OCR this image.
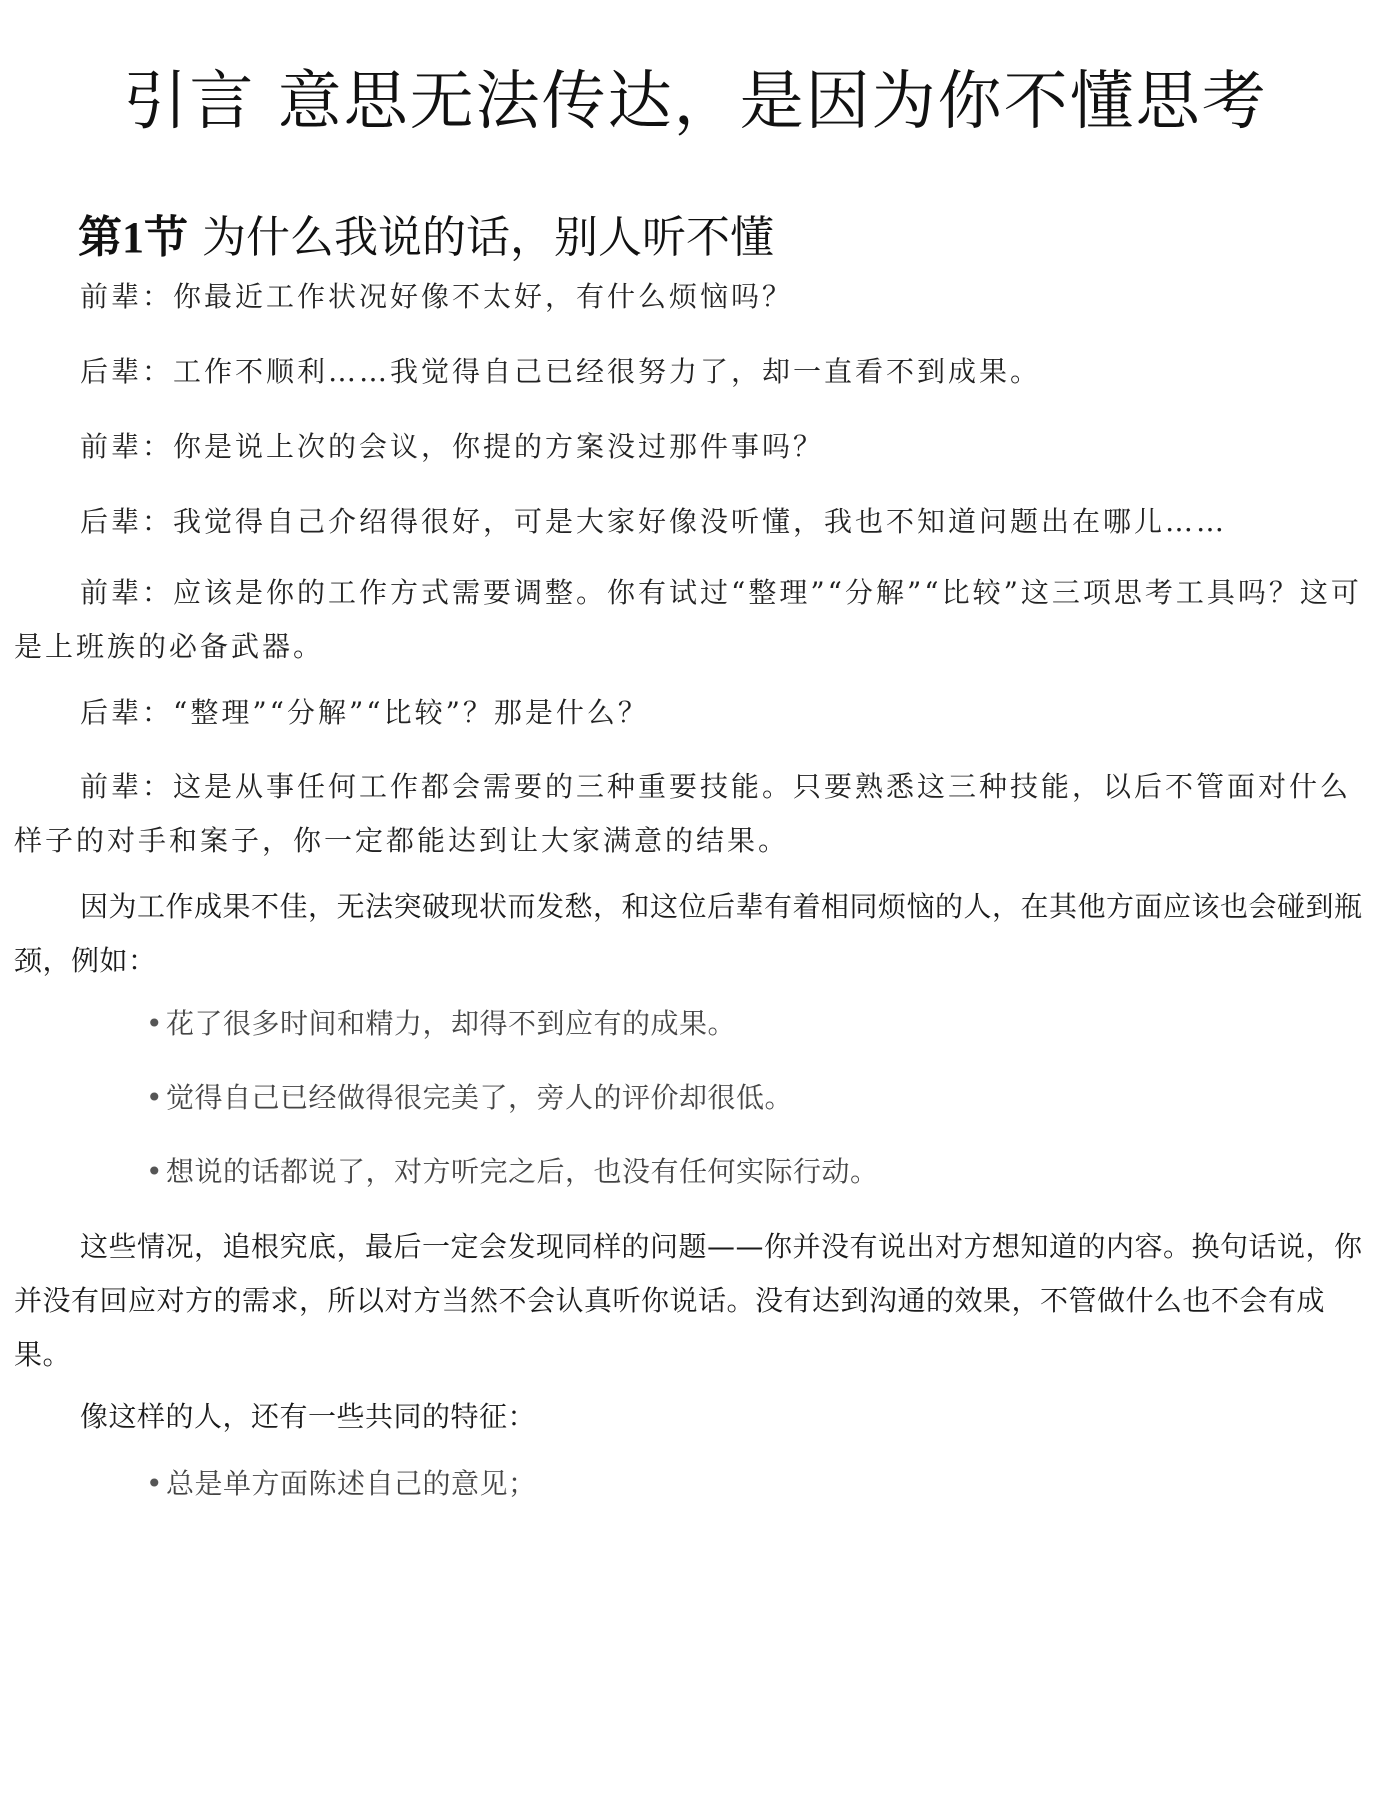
引言 意思无法传达，是因为你不懂思考
第1节 为什么我说的话，别人听不懂

前辈：你最近工作状况好像不太好，有什么烦恼吗？

后辈：工作不顺利……我觉得自己已经很努力了，却一直看不到成果。

前辈：你是说上次的会议，你提的方案没过那件事吗？

后辈：我觉得自己介绍得很好，可是大家好像没听懂，我也不知道问题出在哪儿……

前辈：应该是你的工作方式需要调整。你有试过“整理”“分解”“比较”这三项思考工具吗？这可是上班族的必备武器。

后辈：“整理”“分解”“比较”？那是什么？

前辈：这是从事任何工作都会需要的三种重要技能。只要熟悉这三种技能，以后不管面对什么样子的对手和案子，你一定都能达到让大家满意的结果。

因为工作成果不佳，无法突破现状而发愁，和这位后辈有着相同烦恼的人，在其他方面应该也会碰到瓶颈，例如：

• 花了很多时间和精力，却得不到应有的成果。

• 觉得自己已经做得很完美了，旁人的评价却很低。

• 想说的话都说了，对方听完之后，也没有任何实际行动。

这些情况，追根究底，最后一定会发现同样的问题——你并没有说出对方想知道的内容。换句话说，你并没有回应对方的需求，所以对方当然不会认真听你说话。没有达到沟通的效果，不管做什么也不会有成果。

像这样的人，还有一些共同的特征：

• 总是单方面陈述自己的意见；
